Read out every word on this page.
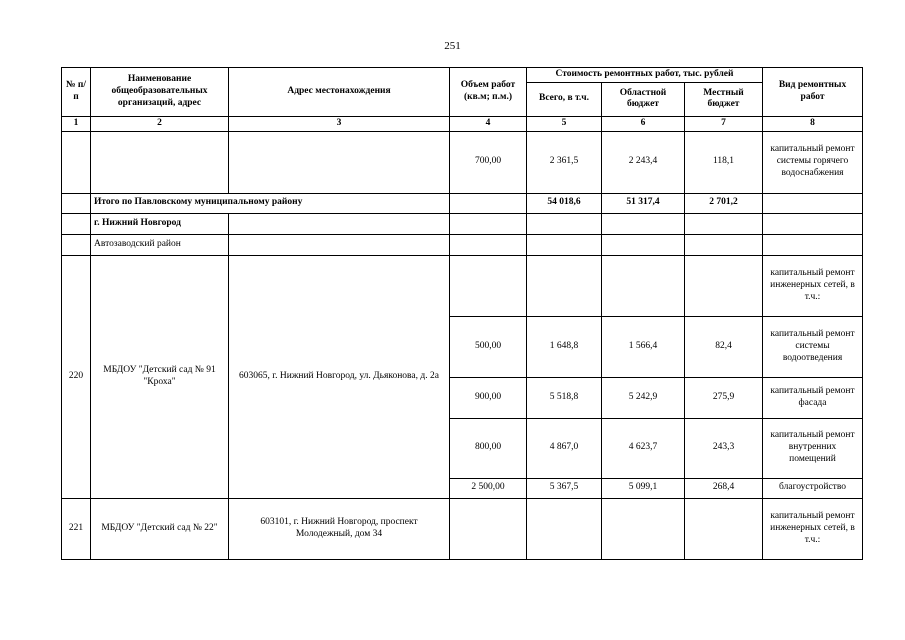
251
№ п/п	Наименование общеобразовательных организаций, адрес	Адрес местонахождения	Объем работ (кв.м; п.м.)	Стоимость ремонтных работ, тыс. рублей			Вид ремонтных работ
				Всего, в т.ч.	Областной бюджет	Местный бюджет	
1	2	3	4	5	6	7	8
			700,00	2 361,5	2 243,4	118,1	капитальный ремонт системы горячего водоснабжения
	Итого по Павловскому муниципальному району			54 018,6	51 317,4	2 701,2	
	г. Нижний Новгород						
	Автозаводский район						
220	МБДОУ "Детский сад № 91 "Кроха"	603065, г. Нижний Новгород, ул. Дьяконова, д. 2а					капитальный ремонт инженерных сетей, в т.ч.:
			500,00	1 648,8	1 566,4	82,4	капитальный ремонт системы водоотведения
			900,00	5 518,8	5 242,9	275,9	капитальный ремонт фасада
			800,00	4 867,0	4 623,7	243,3	капитальный ремонт внутренних помещений
			2 500,00	5 367,5	5 099,1	268,4	благоустройство
221	МБДОУ "Детский сад № 22"	603101, г. Нижний Новгород, проспект Молодежный, дом 34					капитальный ремонт инженерных сетей, в т.ч.:
